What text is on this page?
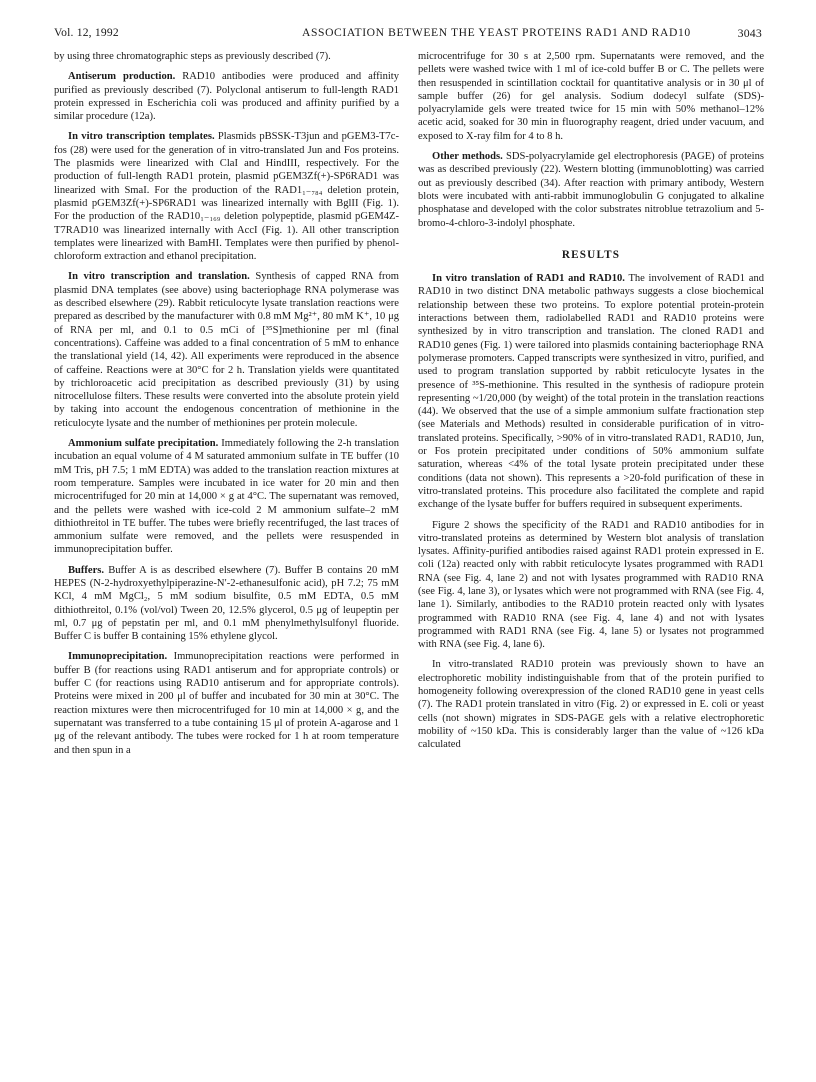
Vol. 12, 1992	ASSOCIATION BETWEEN THE YEAST PROTEINS RAD1 AND RAD10	3043

by using three chromatographic steps as previously described (7).

Antiserum production. RAD10 antibodies were produced and affinity purified as previously described (7). Polyclonal antiserum to full-length RAD1 protein expressed in Escherichia coli was produced and affinity purified by a similar procedure (12a).

In vitro transcription templates. Plasmids pBSSK-T3jun and pGEM3-T7c-fos (28) were used for the generation of in vitro-translated Jun and Fos proteins. The plasmids were linearized with ClaI and HindIII, respectively. For the production of full-length RAD1 protein, plasmid pGEM3Zf(+)-SP6RAD1 was linearized with SmaI. For the production of the RAD1₁₋₇₈₄ deletion protein, plasmid pGEM3Zf(+)-SP6RAD1 was linearized internally with BglII (Fig. 1). For the production of the RAD10₁₋₁₆₉ deletion polypeptide, plasmid pGEM4Z-T7RAD10 was linearized internally with AccI (Fig. 1). All other transcription templates were linearized with BamHI. Templates were then purified by phenol-chloroform extraction and ethanol precipitation.

In vitro transcription and translation. Synthesis of capped RNA from plasmid DNA templates (see above) using bacteriophage RNA polymerase was as described elsewhere (29). Rabbit reticulocyte lysate translation reactions were prepared as described by the manufacturer with 0.8 mM Mg²⁺, 80 mM K⁺, 10 μg of RNA per ml, and 0.1 to 0.5 mCi of [³⁵S]methionine per ml (final concentrations). Caffeine was added to a final concentration of 5 mM to enhance the translational yield (14, 42). All experiments were reproduced in the absence of caffeine. Reactions were at 30°C for 2 h. Translation yields were quantitated by trichloroacetic acid precipitation as described previously (31) by using nitrocellulose filters. These results were converted into the absolute protein yield by taking into account the endogenous concentration of methionine in the reticulocyte lysate and the number of methionines per protein molecule.

Ammonium sulfate precipitation. Immediately following the 2-h translation incubation an equal volume of 4 M saturated ammonium sulfate in TE buffer (10 mM Tris, pH 7.5; 1 mM EDTA) was added to the translation reaction mixtures at room temperature. Samples were incubated in ice water for 20 min and then microcentrifuged for 20 min at 14,000 × g at 4°C. The supernatant was removed, and the pellets were washed with ice-cold 2 M ammonium sulfate–2 mM dithiothreitol in TE buffer. The tubes were briefly recentrifuged, the last traces of ammonium sulfate were removed, and the pellets were resuspended in immunoprecipitation buffer.

Buffers. Buffer A is as described elsewhere (7). Buffer B contains 20 mM HEPES (N-2-hydroxyethylpiperazine-N′-2-ethanesulfonic acid), pH 7.2; 75 mM KCl, 4 mM MgCl₂, 5 mM sodium bisulfite, 0.5 mM EDTA, 0.5 mM dithiothreitol, 0.1% (vol/vol) Tween 20, 12.5% glycerol, 0.5 μg of leupeptin per ml, 0.7 μg of pepstatin per ml, and 0.1 mM phenylmethylsulfonyl fluoride. Buffer C is buffer B containing 15% ethylene glycol.

Immunoprecipitation. Immunoprecipitation reactions were performed in buffer B (for reactions using RAD1 antiserum and for appropriate controls) or buffer C (for reactions using RAD10 antiserum and for appropriate controls). Proteins were mixed in 200 μl of buffer and incubated for 30 min at 30°C. The reaction mixtures were then microcentrifuged for 10 min at 14,000 × g, and the supernatant was transferred to a tube containing 15 μl of protein A-agarose and 1 μg of the relevant antibody. The tubes were rocked for 1 h at room temperature and then spun in a

microcentrifuge for 30 s at 2,500 rpm. Supernatants were removed, and the pellets were washed twice with 1 ml of ice-cold buffer B or C. The pellets were then resuspended in scintillation cocktail for quantitative analysis or in 30 μl of sample buffer (26) for gel analysis. Sodium dodecyl sulfate (SDS)-polyacrylamide gels were treated twice for 15 min with 50% methanol–12% acetic acid, soaked for 30 min in fluorography reagent, dried under vacuum, and exposed to X-ray film for 4 to 8 h.

Other methods. SDS-polyacrylamide gel electrophoresis (PAGE) of proteins was as described previously (22). Western blotting (immunoblotting) was carried out as previously described (34). After reaction with primary antibody, Western blots were incubated with anti-rabbit immunoglobulin G conjugated to alkaline phosphatase and developed with the color substrates nitroblue tetrazolium and 5-bromo-4-chloro-3-indolyl phosphate.

RESULTS

In vitro translation of RAD1 and RAD10. The involvement of RAD1 and RAD10 in two distinct DNA metabolic pathways suggests a close biochemical relationship between these two proteins. To explore potential protein-protein interactions between them, radiolabelled RAD1 and RAD10 proteins were synthesized by in vitro transcription and translation. The cloned RAD1 and RAD10 genes (Fig. 1) were tailored into plasmids containing bacteriophage RNA polymerase promoters. Capped transcripts were synthesized in vitro, purified, and used to program translation supported by rabbit reticulocyte lysates in the presence of ³⁵S-methionine. This resulted in the synthesis of radiopure protein representing ~1/20,000 (by weight) of the total protein in the translation reactions (44). We observed that the use of a simple ammonium sulfate fractionation step (see Materials and Methods) resulted in considerable purification of in vitro-translated proteins. Specifically, >90% of in vitro-translated RAD1, RAD10, Jun, or Fos protein precipitated under conditions of 50% ammonium sulfate saturation, whereas <4% of the total lysate protein precipitated under these conditions (data not shown). This represents a >20-fold purification of these in vitro-translated proteins. This procedure also facilitated the complete and rapid exchange of the lysate buffer for buffers required in subsequent experiments.

Figure 2 shows the specificity of the RAD1 and RAD10 antibodies for in vitro-translated proteins as determined by Western blot analysis of translation lysates. Affinity-purified antibodies raised against RAD1 protein expressed in E. coli (12a) reacted only with rabbit reticulocyte lysates programmed with RAD1 RNA (see Fig. 4, lane 2) and not with lysates programmed with RAD10 RNA (see Fig. 4, lane 3), or lysates which were not programmed with RNA (see Fig. 4, lane 1). Similarly, antibodies to the RAD10 protein reacted only with lysates programmed with RAD10 RNA (see Fig. 4, lane 4) and not with lysates programmed with RAD1 RNA (see Fig. 4, lane 5) or lysates not programmed with RNA (see Fig. 4, lane 6).

In vitro-translated RAD10 protein was previously shown to have an electrophoretic mobility indistinguishable from that of the protein purified to homogeneity following overexpression of the cloned RAD10 gene in yeast cells (7). The RAD1 protein translated in vitro (Fig. 2) or expressed in E. coli or yeast cells (not shown) migrates in SDS-PAGE gels with a relative electrophoretic mobility of ~150 kDa. This is considerably larger than the value of ~126 kDa calculated
